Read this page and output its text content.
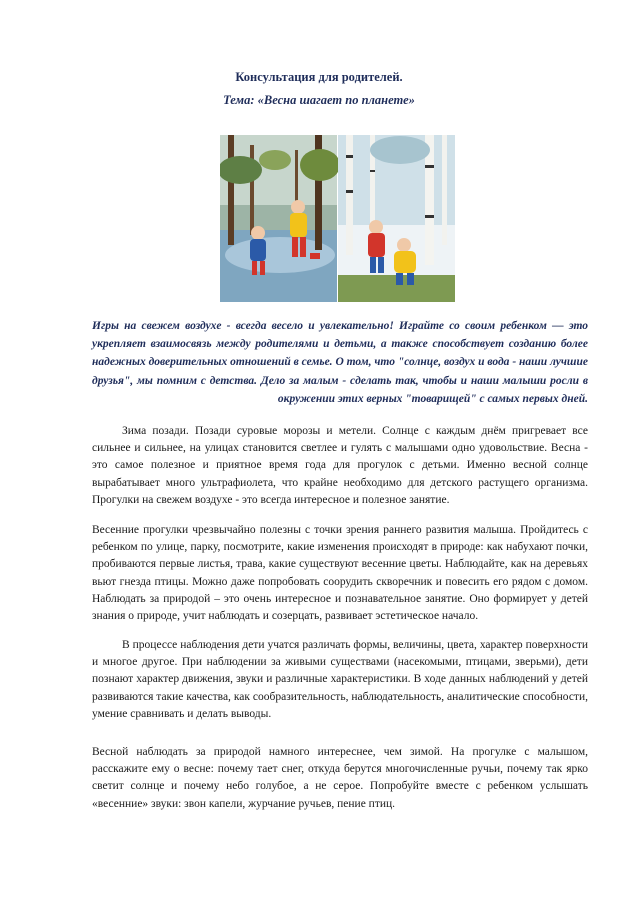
Консультация для родителей.
Тема: «Весна шагает по планете»
Игры на свежем воздухе - всегда весело и увлекательно! Играйте со своим ребенком — это укрепляет взаимосвязь между родителями и детьми, а также способствует созданию более надежных доверительных отношений в семье. О том, что "солнце, воздух и вода - наши лучшие друзья", мы помним с детства. Дело за малым - сделать так, чтобы и наши малыши росли в окружении этих верных "товарищей" с самых первых дней.
Зима позади. Позади суровые морозы и метели. Солнце с каждым днём пригревает все сильнее и сильнее, на улицах становится светлее и гулять с малышами одно удовольствие. Весна - это самое полезное и приятное время года для прогулок с детьми. Именно весной солнце вырабатывает много ультрафиолета, что крайне необходимо для детского растущего организма. Прогулки на свежем воздухе - это всегда интересное и полезное занятие.
Весенние прогулки чрезвычайно полезны с точки зрения раннего развития малыша. Пройдитесь с ребенком по улице, парку, посмотрите, какие изменения происходят в природе: как набухают почки, пробиваются первые листья, трава, какие существуют весенние цветы. Наблюдайте, как на деревьях вьют гнезда птицы. Можно даже попробовать соорудить скворечник и повесить его рядом с домом. Наблюдать за природой – это очень интересное и познавательное занятие. Оно формирует у детей знания о природе, учит наблюдать и созерцать, развивает эстетическое начало.
В процессе наблюдения дети учатся различать формы, величины, цвета, характер поверхности и многое другое. При наблюдении за живыми существами (насекомыми, птицами, зверьми), дети познают характер движения, звуки и различные характеристики. В ходе данных наблюдений у детей развиваются такие качества, как сообразительность, наблюдательность, аналитические способности, умение сравнивать и делать выводы.
Весной наблюдать за природой намного интереснее, чем зимой. На прогулке с малышом, расскажите ему о весне: почему тает снег, откуда берутся многочисленные ручьи, почему так ярко светит солнце и почему небо голубое, а не серое. Попробуйте вместе с ребенком услышать «весенние» звуки: звон капели, журчание ручьев, пение птиц.
